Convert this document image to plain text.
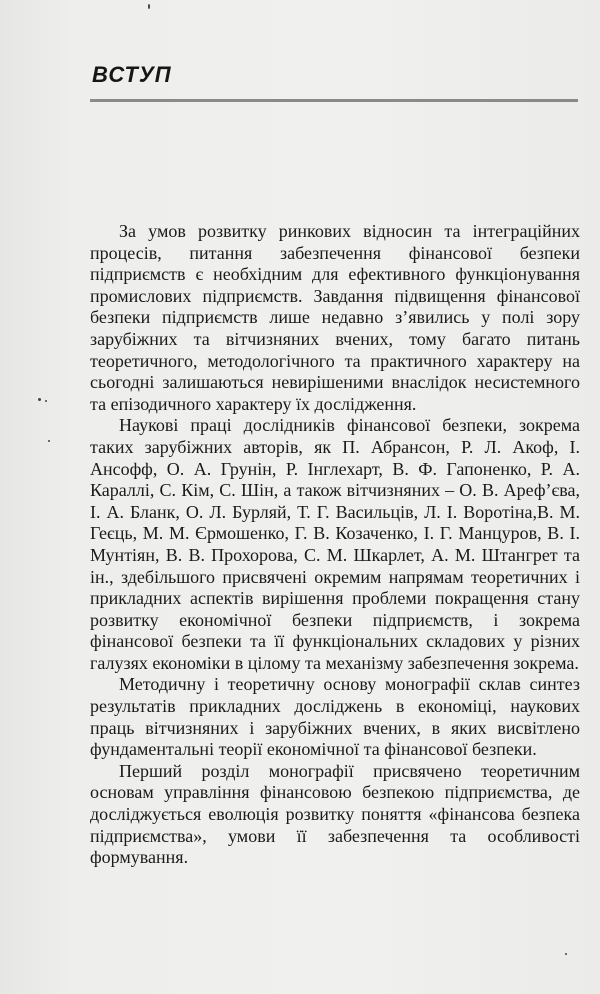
ВСТУП

За умов розвитку ринкових відносин та інтеграційних процесів, питання забезпечення фінансової безпеки підприємств є необхідним для ефективного функціонування промислових підприємств. Завдання підвищення фінансової безпеки підприємств лише недавно з’явились у полі зору зарубіжних та вітчизняних вчених, тому багато питань теоретичного, методологічного та практичного характеру на сьогодні залишаються невирішеними внаслідок несистемного та епізодичного характеру їх дослідження.

Наукові праці дослідників фінансової безпеки, зокрема таких зарубіжних авторів, як П. Абрансон, Р. Л. Акоф, І. Ансофф, О. А. Грунін, Р. Інглехарт, В. Ф. Гапоненко, Р. А. Караллі, С. Кім, С. Шін, а також вітчизняних – О. В. Ареф’єва, І. А. Бланк, О. Л. Бурляй, Т. Г. Васильців, Л. І. Воротіна,В. М. Геєць, М. М. Єрмошенко, Г. В. Козаченко, І. Г. Манцуров, В. І. Мунтіян, В. В. Прохорова, С. М. Шкарлет, А. М. Штангрет та ін., здебільшого присвячені окремим напрямам теоретичних і прикладних аспектів вирішення проблеми покращення стану розвитку економічної безпеки підприємств, і зокрема фінансової безпеки та її функціональних складових у різних галузях економіки в цілому та механізму забезпечення зокрема.

Методичну і теоретичну основу монографії склав синтез результатів прикладних досліджень в економіці, наукових праць вітчизняних і зарубіжних вчених, в яких висвітлено фундаментальні теорії економічної та фінансової безпеки.

Перший розділ монографії присвячено теоретичним основам управління фінансовою безпекою підприємства, де досліджується еволюція розвитку поняття «фінансова безпека підприємства», умови її забезпечення та особливості формування.
